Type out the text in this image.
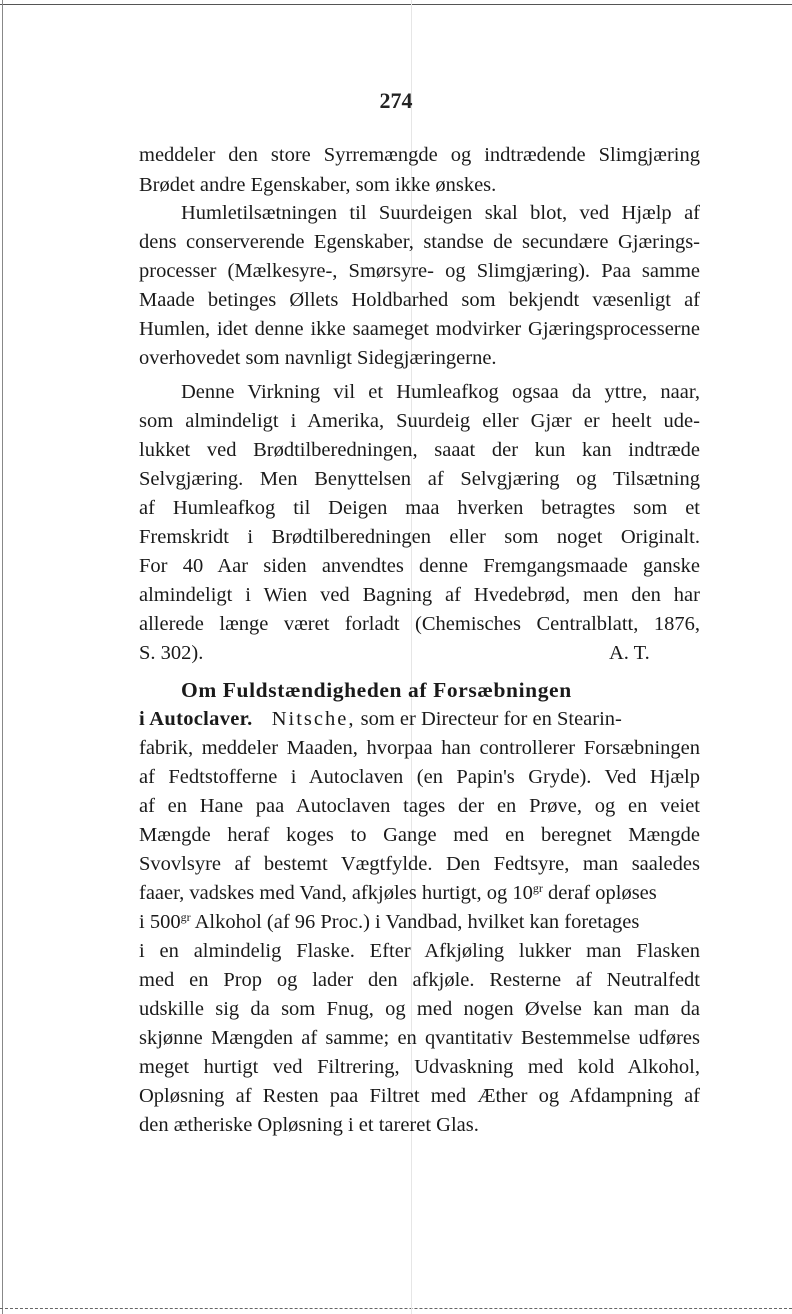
274
meddeler den store Syrremængde og indtrædende Slimgjæring
Brødet andre Egenskaber, som ikke ønskes.
Humletilsætningen til Suurdeigen skal blot, ved Hjælp af
dens conserverende Egenskaber, standse de secundære Gjærings-
processer (Mælkesyre-, Smørsyre- og Slimgjæring). Paa samme
Maade betinges Øllets Holdbarhed som bekjendt væsenligt af
Humlen, idet denne ikke saameget modvirker Gjæringsprocesserne
overhovedet som navnligt Sidegjæringerne.
Denne Virkning vil et Humleafkog ogsaa da yttre, naar,
som almindeligt i Amerika, Suurdeig eller Gjær er heelt ude-
lukket ved Brødtilberedningen, saaat der kun kan indtræde
Selvgjæring. Men Benyttelsen af Selvgjæring og Tilsætning
af Humleafkog til Deigen maa hverken betragtes som et
Fremskridt i Brødtilberedningen eller som noget Originalt.
For 40 Aar siden anvendtes denne Fremgangsmaade ganske
almindeligt i Wien ved Bagning af Hvedebrød, men den har
allerede længe været forladt (Chemisches Centralblatt, 1876,
S. 302).	A. T.
Om Fuldstændigheden af Forsæbningen
i Autoclaver. Nitsche, som er Directeur for en Stearin-
fabrik, meddeler Maaden, hvorpaa han controllerer Forsæbningen
af Fedtstofferne i Autoclaven (en Papin's Gryde). Ved Hjælp
af en Hane paa Autoclaven tages der en Prøve, og en veiet
Mængde heraf koges to Gange med en beregnet Mængde
Svovlsyre af bestemt Vægtfylde. Den Fedtsyre, man saaledes
faaer, vadskes med Vand, afkjøles hurtigt, og $10^{gr}$ deraf opløses
i $500^{gr}$ Alkohol (af 96 Proc.) i Vandbad, hvilket kan foretages
i en almindelig Flaske. Efter Afkjøling lukker man Flasken
med en Prop og lader den afkjøle. Resterne af Neutralfedt
udskille sig da som Fnug, og med nogen Øvelse kan man da
skjønne Mængden af samme; en qvantitativ Bestemmelse udføres
meget hurtigt ved Filtrering, Udvaskning med kold Alkohol,
Opløsning af Resten paa Filtret med Æther og Afdampning af
den ætheriske Opløsning i et tareret Glas.
